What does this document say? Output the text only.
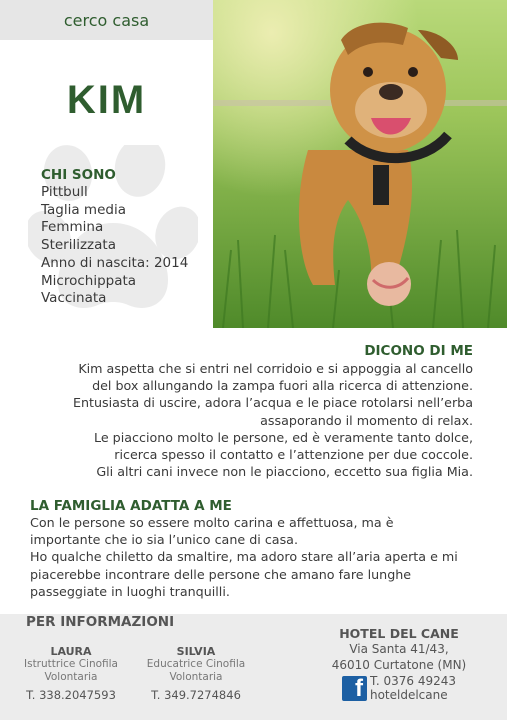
cerco casa
KIM
CHI SONO
Pittbull
Taglia media
Femmina
Sterilizzata
Anno di nascita: 2014
Microchippata
Vaccinata
DICONO DI ME

Kim aspetta che si entri nel corridoio e si appoggia al cancello

del box allungando la zampa fuori alla ricerca di attenzione.

Entusiasta di uscire, adora l’acqua e le piace rotolarsi nell’erba

assaporando il momento di relax.

Le piacciono molto le persone, ed è veramente tanto dolce,

ricerca spesso il contatto e l’attenzione per due coccole.

Gli altri cani invece non le piacciono, eccetto sua figlia Mia.

LA FAMIGLIA ADATTA A ME

Con le persone so essere molto carina e affettuosa, ma è

importante che io sia l’unico cane di casa.

Ho qualche chiletto da smaltire, ma adoro stare all’aria aperta e mi

piacerebbe incontrare delle persone che amano fare lunghe

passeggiate in luoghi tranquilli.

PER INFORMAZIONI
LAURA
Istruttrice Cinofila
Volontaria
T. 338.2047593
SILVIA
Educatrice Cinofila
Volontaria
T. 349.7274846
HOTEL DEL CANE
Via Santa 41/43,
46010 Curtatone (MN)
f T. 0376 49243
hoteldelcane
